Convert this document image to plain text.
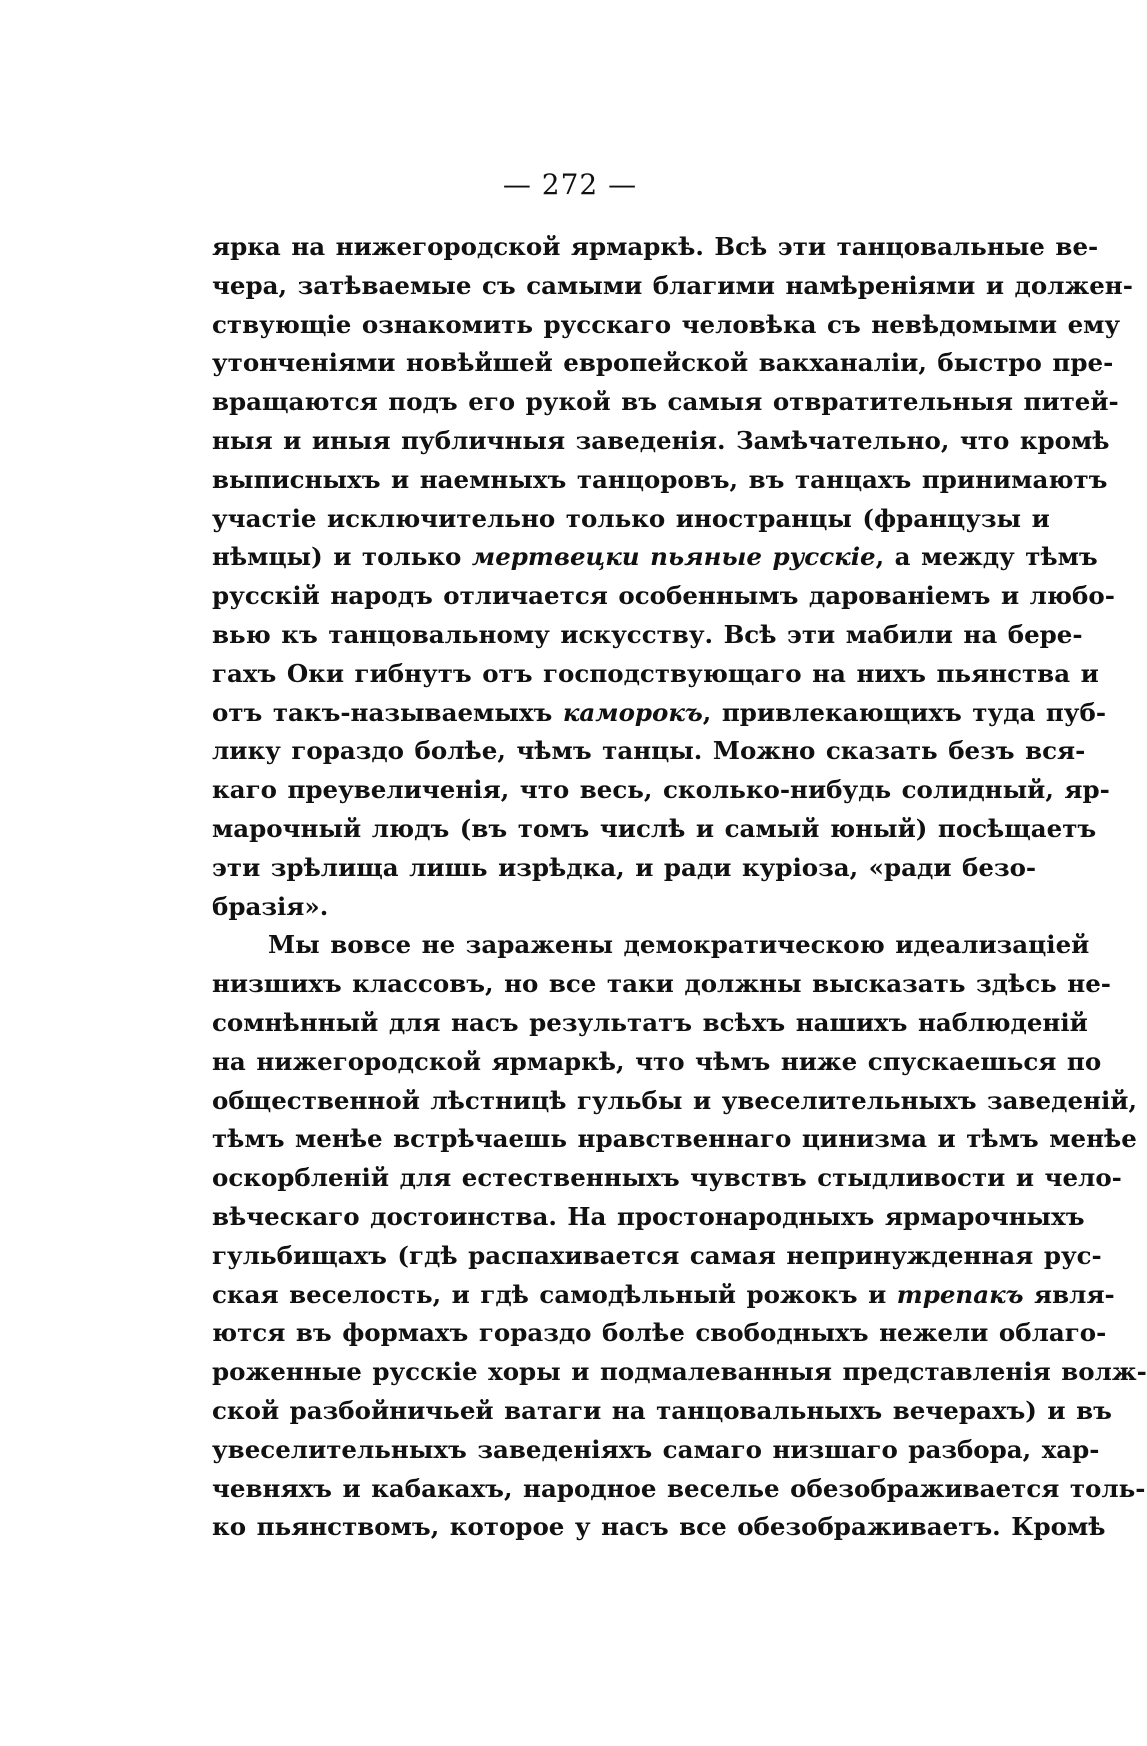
— 272 —
ярка на нижегородской ярмаркѣ. Всѣ эти танцовальные ве-
чера, затѣваемые съ самыми благими намѣреніями и должен-
ствующіе ознакомить русскаго человѣка съ невѣдомыми ему
утонченіями новѣйшей европейской вакханаліи, быстро пре-
вращаются подъ его рукой въ самыя отвратительныя питей-
ныя и иныя публичныя заведенія. Замѣчательно, что кромѣ
выписныхъ и наемныхъ танцоровъ, въ танцахъ принимаютъ
участіе исключительно только иностранцы (французы и
нѣмцы) и только мертвецки пьяные русскіе, а между тѣмъ
русскій народъ отличается особеннымъ дарованіемъ и любо-
вью къ танцовальному искусству. Всѣ эти мабили на бере-
гахъ Оки гибнутъ отъ господствующаго на нихъ пьянства и
отъ такъ-называемыхъ каморокъ, привлекающихъ туда пуб-
лику гораздо болѣе, чѣмъ танцы. Можно сказать безъ вся-
каго преувеличенія, что весь, сколько-нибудь солидный, яр-
марочный людъ (въ томъ числѣ и самый юный) посѣщаетъ
эти зрѣлища лишь изрѣдка, и ради куріоза, «ради безо-
бразія».
Мы вовсе не заражены демократическою идеализаціей
низшихъ классовъ, но все таки должны высказать здѣсь не-
сомнѣнный для насъ результатъ всѣхъ нашихъ наблюденій
на нижегородской ярмаркѣ, что чѣмъ ниже спускаешься по
общественной лѣстницѣ гульбы и увеселительныхъ заведеній,
тѣмъ менѣе встрѣчаешь нравственнаго цинизма и тѣмъ менѣе
оскорбленій для естественныхъ чувствъ стыдливости и чело-
вѣческаго достоинства. На простонародныхъ ярмарочныхъ
гульбищахъ (гдѣ распахивается самая непринужденная рус-
ская веселость, и гдѣ самодѣльный рожокъ и трепакъ явля-
ются въ формахъ гораздо болѣе свободныхъ нежели облаго-
роженные русскіе хоры и подмалеванныя представленія волж-
ской разбойничьей ватаги на танцовальныхъ вечерахъ) и въ
увеселительныхъ заведеніяхъ самаго низшаго разбора, хар-
чевняхъ и кабакахъ, народное веселье обезображивается толь-
ко пьянствомъ, которое у насъ все обезображиваетъ. Кромѣ
